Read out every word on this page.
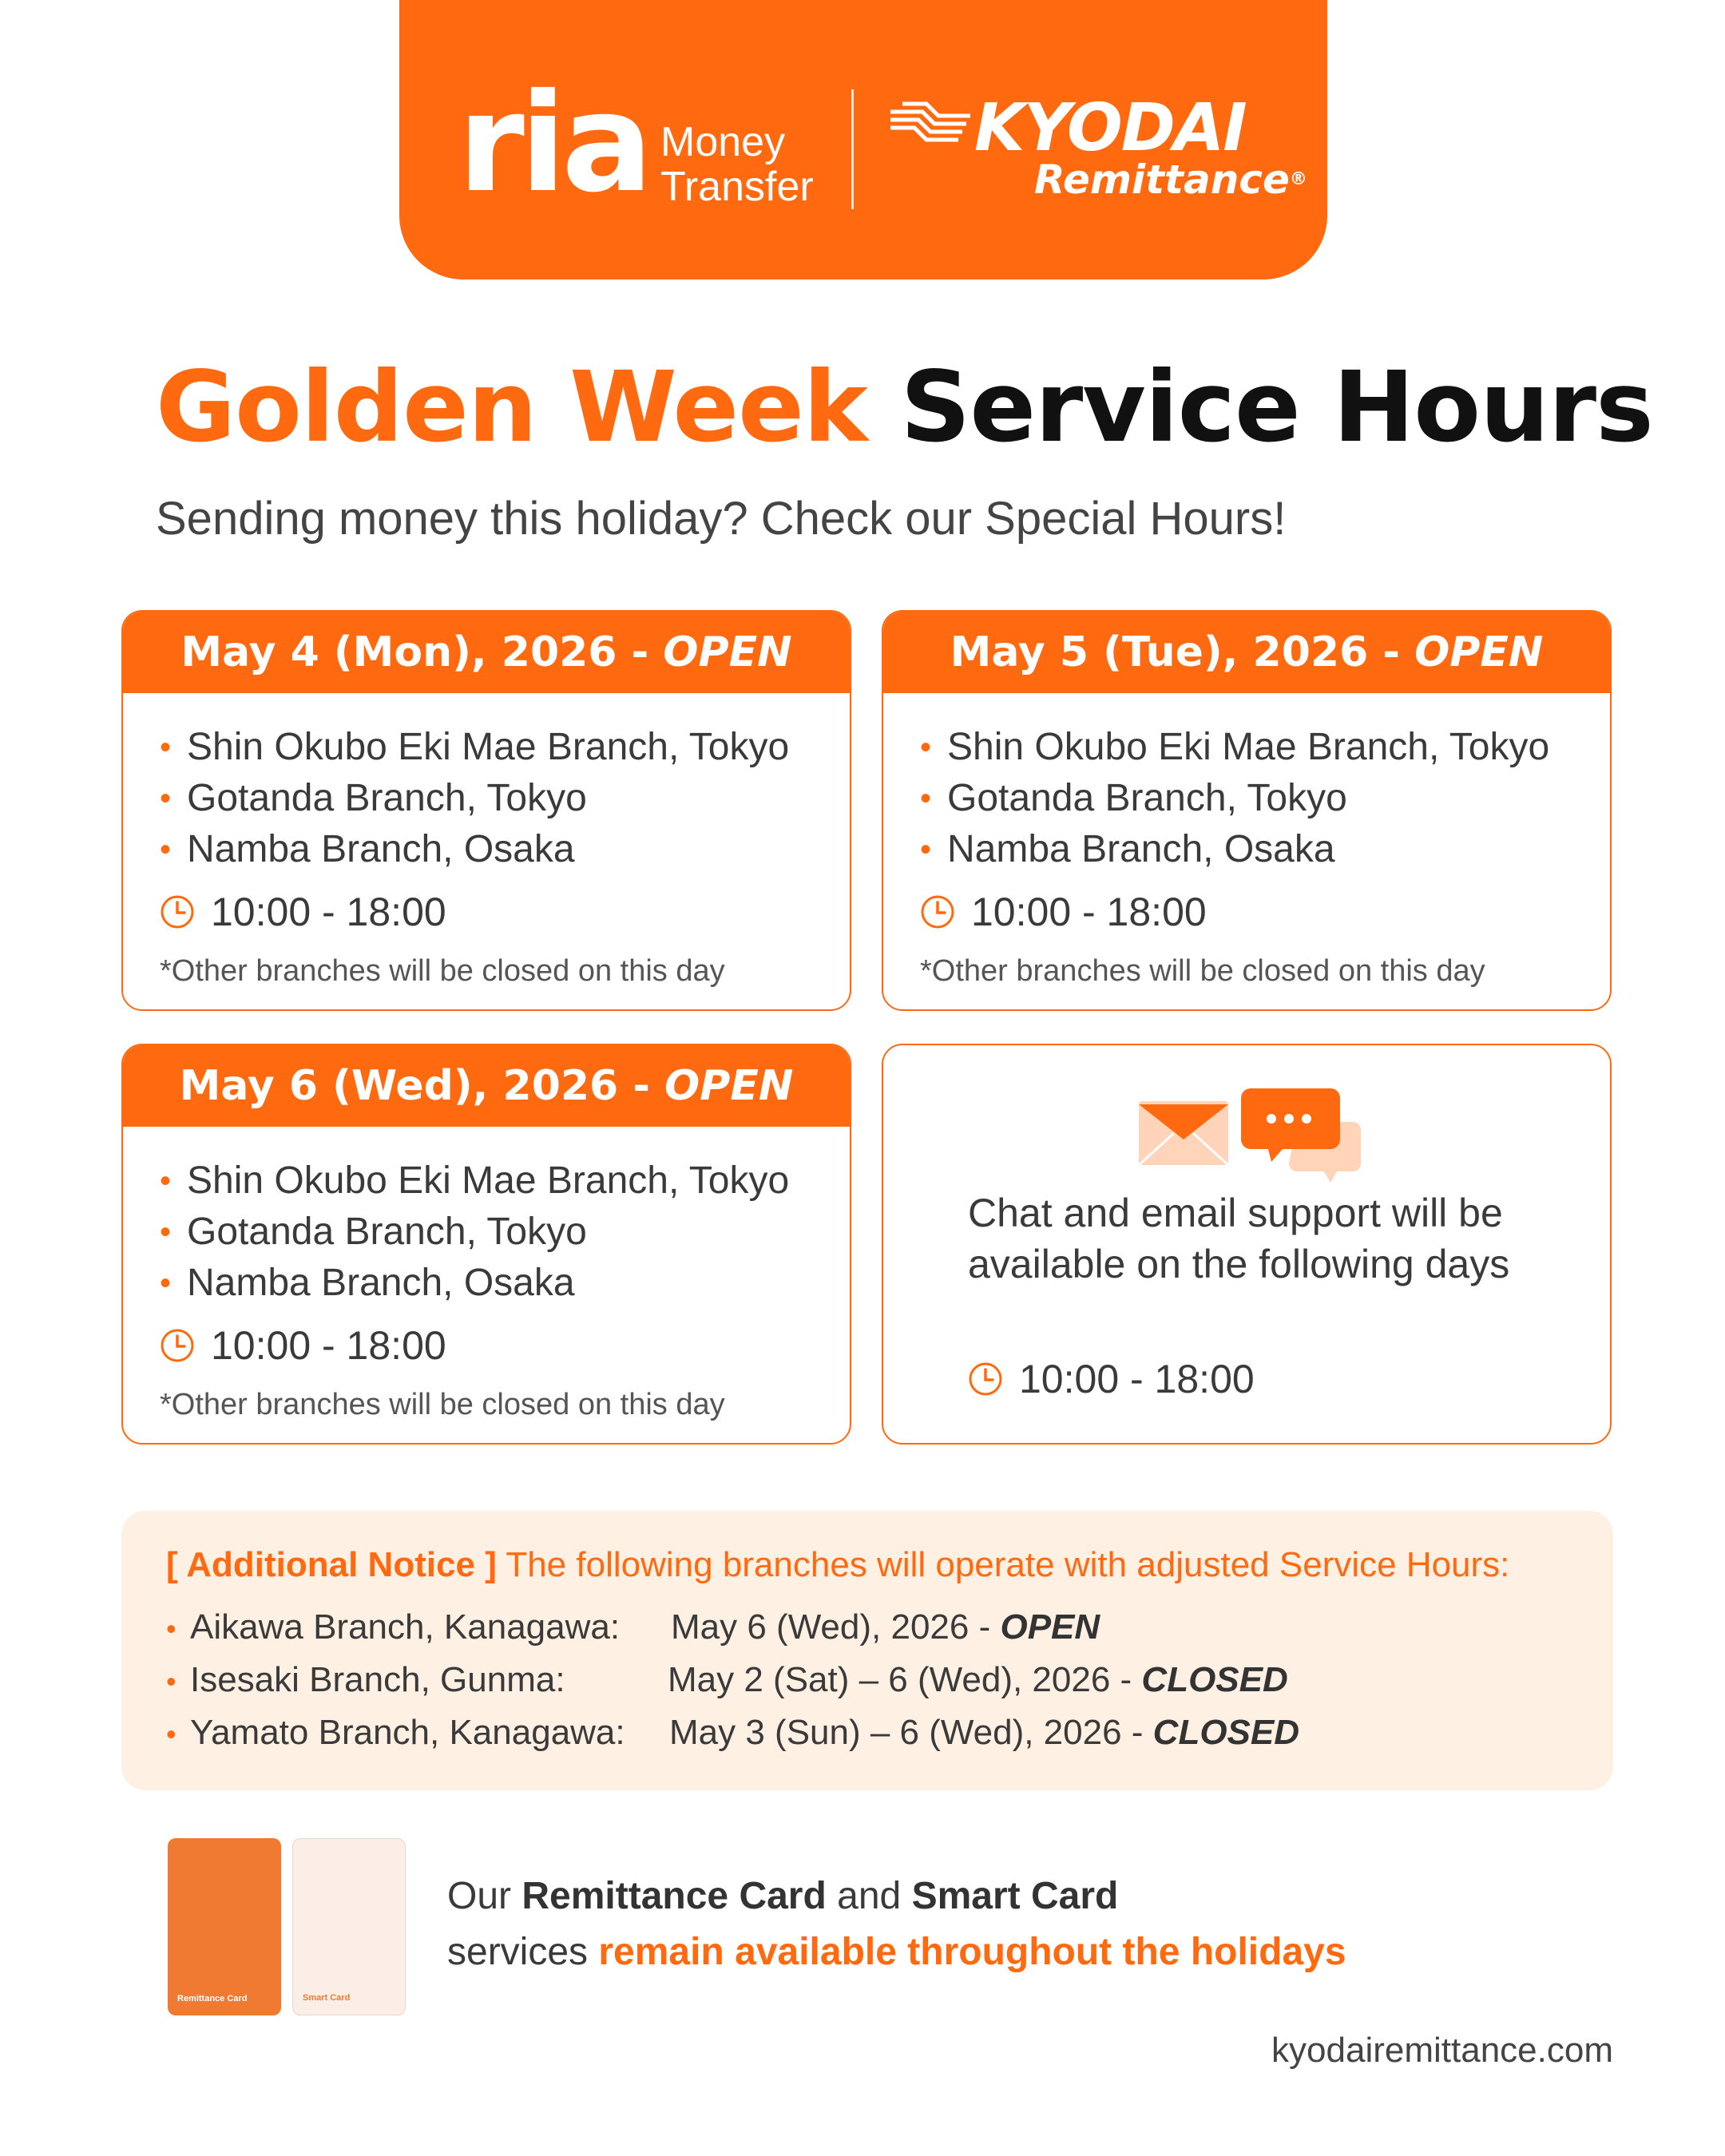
ria Money
Transfer
KYODAI
Remittance®
Golden Week Service Hours
Sending money this holiday? Check our Special Hours!
May 4 (Mon), 2026 - OPEN
• Shin Okubo Eki Mae Branch, Tokyo
• Gotanda Branch, Tokyo
• Namba Branch, Osaka
10:00 - 18:00
*Other branches will be closed on this day
May 5 (Tue), 2026 - OPEN
• Shin Okubo Eki Mae Branch, Tokyo
• Gotanda Branch, Tokyo
• Namba Branch, Osaka
10:00 - 18:00
*Other branches will be closed on this day
May 6 (Wed), 2026 - OPEN
• Shin Okubo Eki Mae Branch, Tokyo
• Gotanda Branch, Tokyo
• Namba Branch, Osaka
10:00 - 18:00
*Other branches will be closed on this day
Chat and email support will be
available on the following days
10:00 - 18:00
[ Additional Notice ] The following branches will operate with adjusted Service Hours:
• Aikawa Branch, Kanagawa: May 6 (Wed), 2026 - OPEN
• Isesaki Branch, Gunma:	May 2 (Sat) – 6 (Wed), 2026 - CLOSED
• Yamato Branch, Kanagawa: May 3 (Sun) – 6 (Wed), 2026 - CLOSED
Remittance Card	Smart Card
Our Remittance Card and Smart Card
services remain available throughout the holidays
kyodairemittance.com
